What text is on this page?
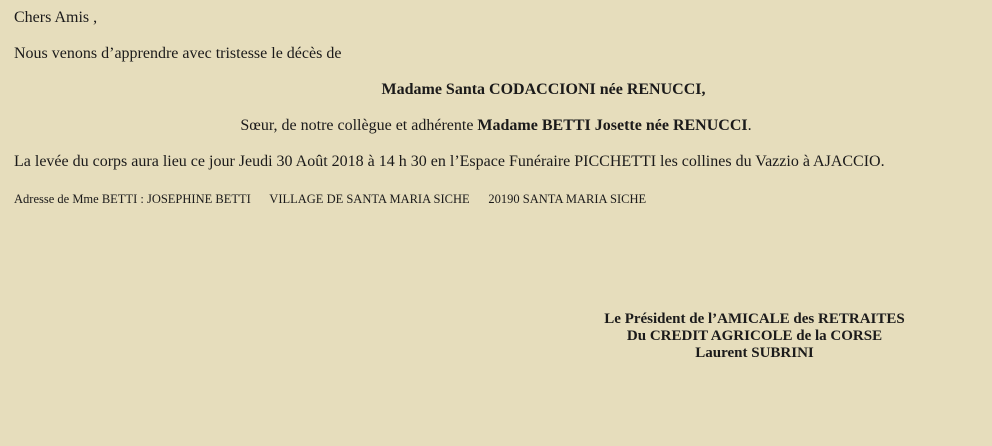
Chers Amis ,

Nous venons d’apprendre avec tristesse le décès de

Madame Santa CODACCIONI née RENUCCI,

Sœur, de notre collègue et adhérente Madame BETTI Josette née RENUCCI.

La levée du corps aura lieu ce jour Jeudi 30 Août 2018 à 14 h 30 en l’Espace Funéraire PICCHETTI les collines du Vazzio à AJACCIO.

Adresse de Mme BETTI : JOSEPHINE BETTI      VILLAGE DE SANTA MARIA SICHE      20190 SANTA MARIA SICHE

Le Président de l’AMICALE des RETRAITES
Du CREDIT AGRICOLE de la CORSE
Laurent SUBRINI
